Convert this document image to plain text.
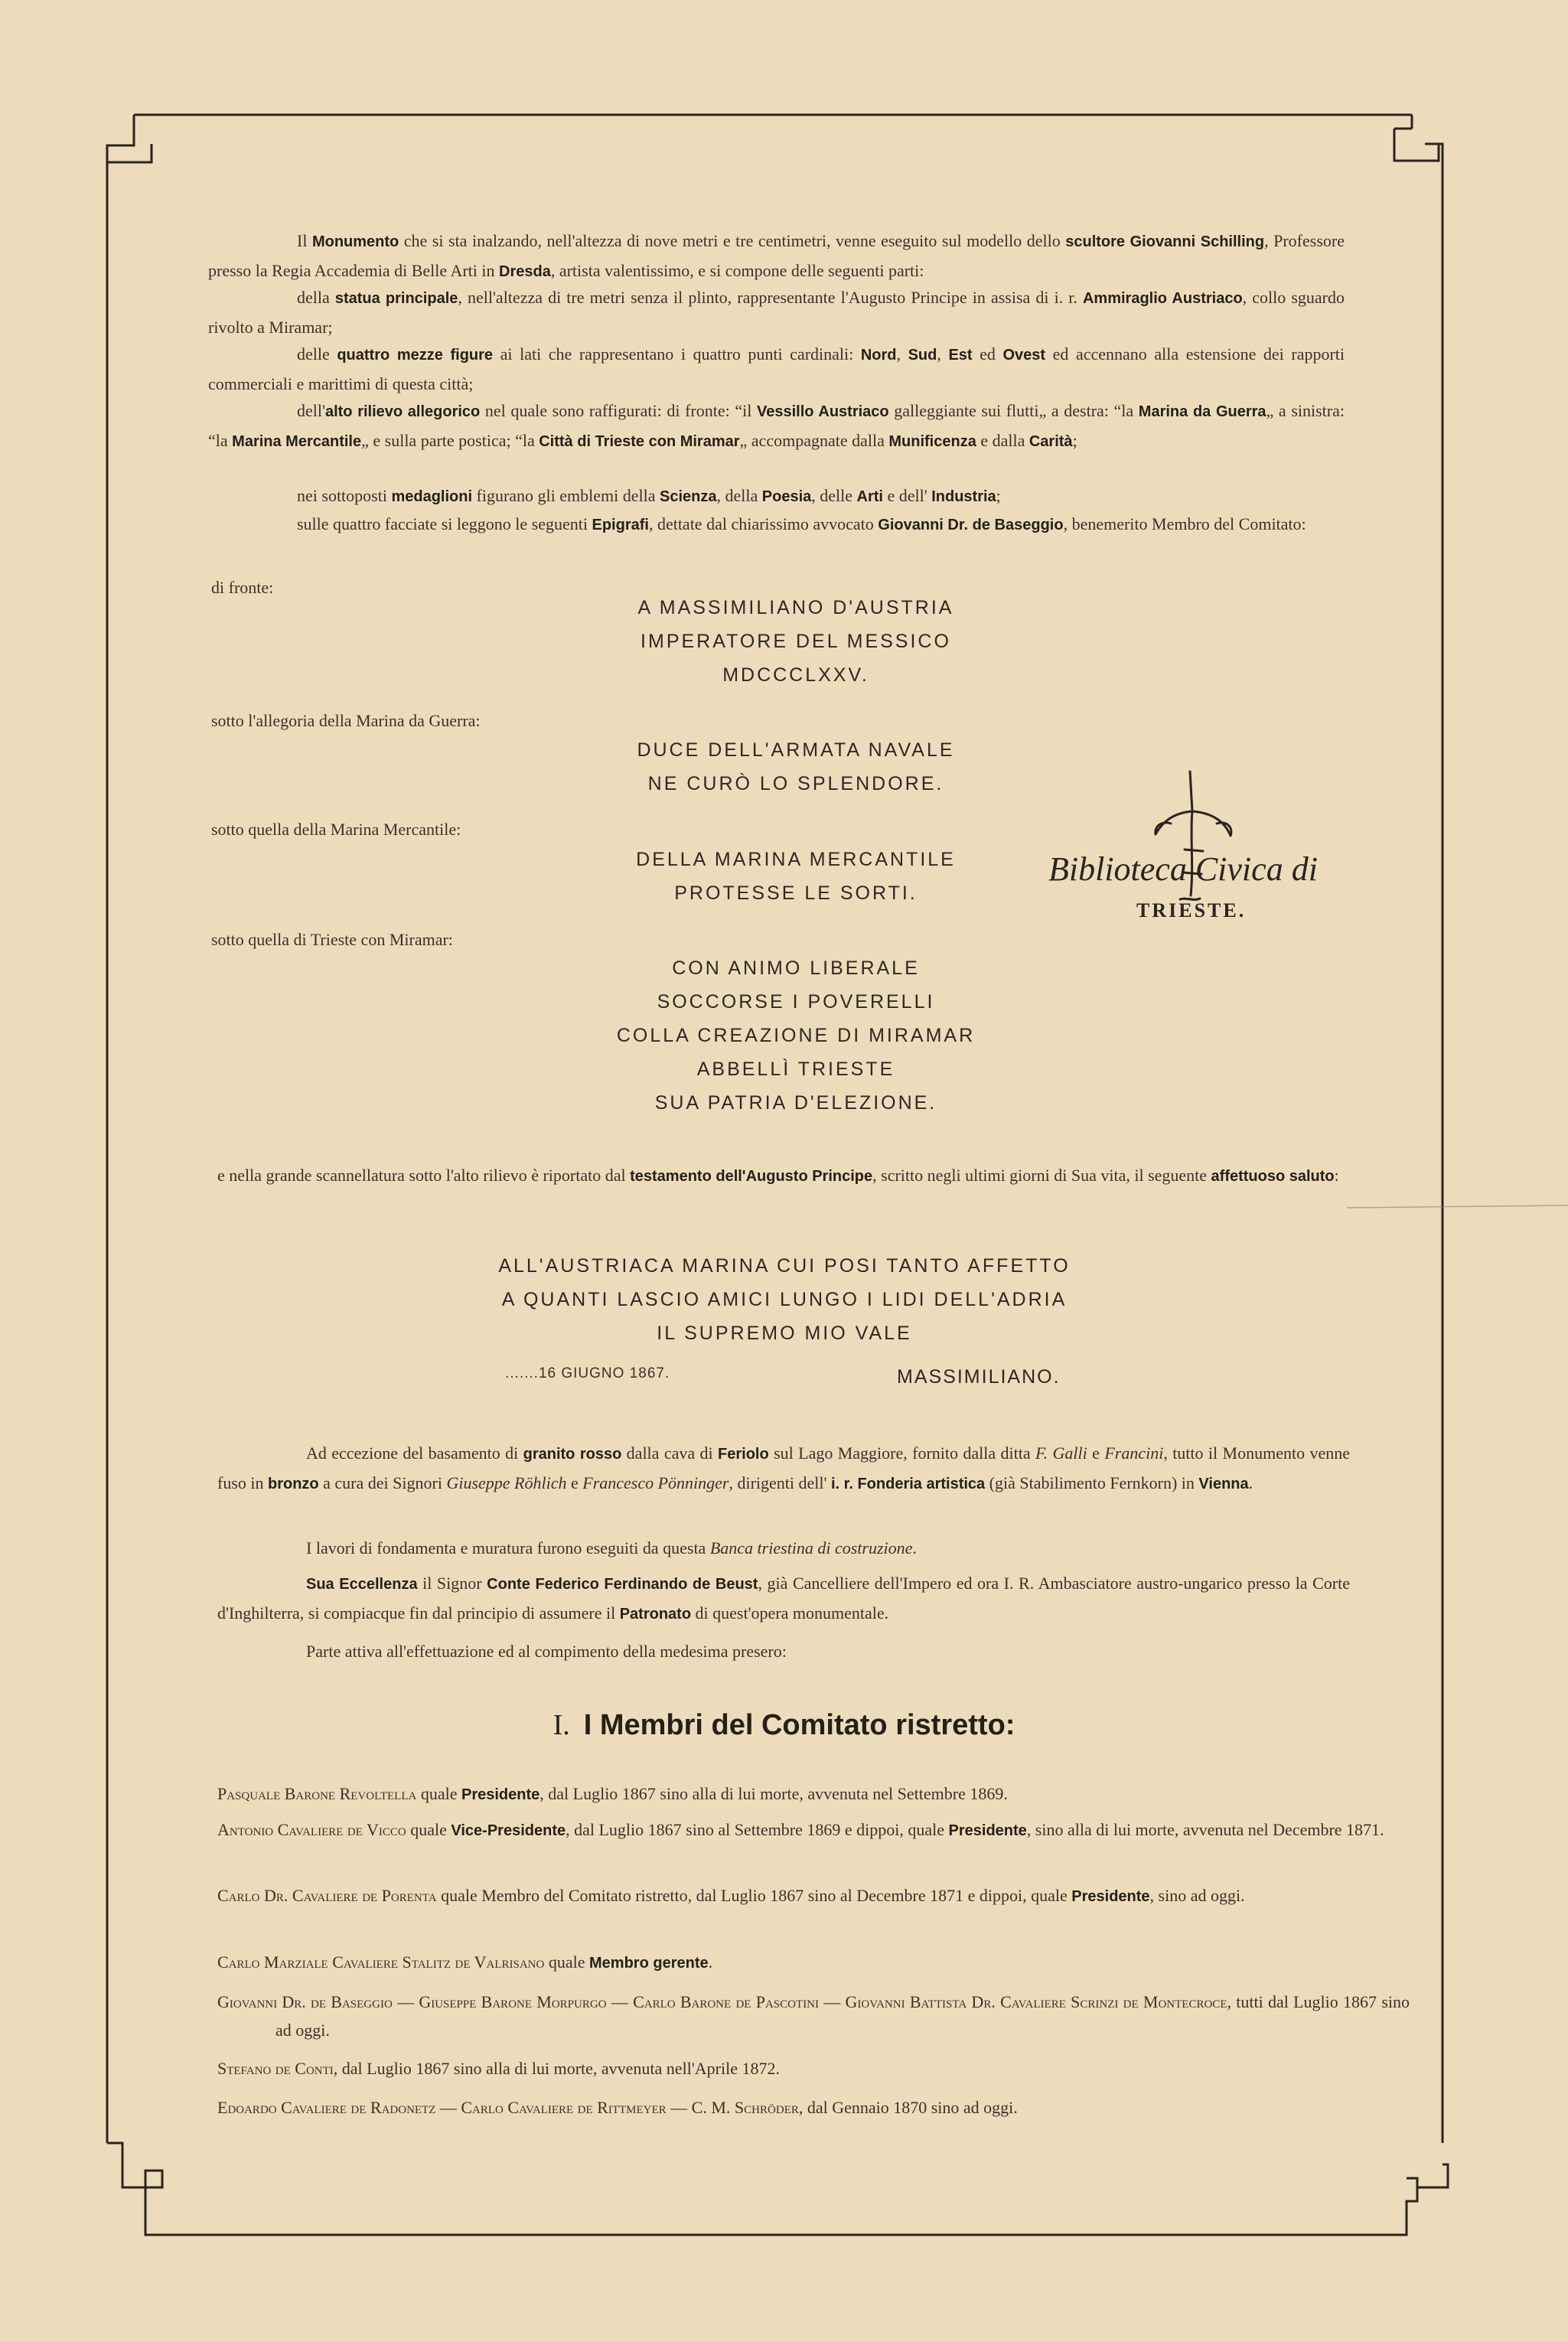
Il Monumento che si sta inalzando, nell'altezza di nove metri e tre centimetri, venne eseguito sul modello dello scultore Giovanni Schilling, Professore presso la Regia Accademia di Belle Arti in Dresda, artista valentissimo, e si compone delle seguenti parti:

della statua principale, nell'altezza di tre metri senza il plinto, rappresentante l'Augusto Principe in assisa di i. r. Ammiraglio Austriaco, collo sguardo rivolto a Miramar;

delle quattro mezze figure ai lati che rappresentano i quattro punti cardinali: Nord, Sud, Est ed Ovest ed accennano alla estensione dei rapporti commerciali e marittimi di questa città;

dell'alto rilievo allegorico nel quale sono raffigurati: di fronte: “il Vessillo Austriaco galleggiante sui flutti„ a destra: “la Marina da Guerra„ a sinistra: “la Marina Mercantile„ e sulla parte postica; “la Città di Trieste con Miramar„ accompagnate dalla Munificenza e dalla Carità;

nei sottoposti medaglioni figurano gli emblemi della Scienza, della Poesia, delle Arti e dell' Industria;

sulle quattro facciate si leggono le seguenti Epigrafi, dettate dal chiarissimo avvocato Giovanni Dr. de Baseggio, benemerito Membro del Comitato:

di fronte:
A MASSIMILIANO D'AUSTRIA
IMPERATORE DEL MESSICO
MDCCCLXXV.
sotto l'allegoria della Marina da Guerra:
DUCE DELL'ARMATA NAVALE
NE CURÒ LO SPLENDORE.
sotto quella della Marina Mercantile:
DELLA MARINA MERCANTILE
PROTESSE LE SORTI.
sotto quella di Trieste con Miramar:
CON ANIMO LIBERALE
SOCCORSE I POVERELLI
COLLA CREAZIONE DI MIRAMAR
ABBELLÌ TRIESTE
SUA PATRIA D'ELEZIONE.
Biblioteca Civica di
TRIESTE.

e nella grande scannellatura sotto l'alto rilievo è riportato dal testamento dell'Augusto Principe, scritto negli ultimi giorni di Sua vita, il seguente affettuoso saluto:

ALL'AUSTRIACA MARINA CUI POSI TANTO AFFETTO
A QUANTI LASCIO AMICI LUNGO I LIDI DELL'ADRIA
IL SUPREMO MIO VALE
.......16 GIUGNO 1867.	MASSIMILIANO.

Ad eccezione del basamento di granito rosso dalla cava di Feriolo sul Lago Maggiore, fornito dalla ditta F. Galli e Francini, tutto il Monumento venne fuso in bronzo a cura dei Signori Giuseppe Röhlich e Francesco Pönninger, dirigenti dell' i. r. Fonderia artistica (già Stabilimento Fernkorn) in Vienna.

I lavori di fondamenta e muratura furono eseguiti da questa Banca triestina di costruzione.

Sua Eccellenza il Signor Conte Federico Ferdinando de Beust, già Cancelliere dell'Impero ed ora I. R. Ambasciatore austro-ungarico presso la Corte d'Inghilterra, si compiacque fin dal principio di assumere il Patronato di quest'opera monumentale.

Parte attiva all'effettuazione ed al compimento della medesima presero:

I. I Membri del Comitato ristretto:
Pasquale Barone Revoltella quale Presidente, dal Luglio 1867 sino alla di lui morte, avvenuta nel Settembre 1869.
Antonio Cavaliere de Vicco quale Vice-Presidente, dal Luglio 1867 sino al Settembre 1869 e dippoi, quale Presidente, sino alla di lui morte, avvenuta nel Decembre 1871.
Carlo Dr. Cavaliere de Porenta quale Membro del Comitato ristretto, dal Luglio 1867 sino al Decembre 1871 e dippoi, quale Presidente, sino ad oggi.
Carlo Marziale Cavaliere Stalitz de Valrisano quale Membro gerente.
Giovanni Dr. de Baseggio — Giuseppe Barone Morpurgo — Carlo Barone de Pascotini — Giovanni Battista Dr. Cavaliere Scrinzi de Montecroce, tutti dal Luglio 1867 sino ad oggi.
Stefano de Conti, dal Luglio 1867 sino alla di lui morte, avvenuta nell'Aprile 1872.
Edoardo Cavaliere de Radonetz — Carlo Cavaliere de Rittmeyer — C. M. Schröder, dal Gennaio 1870 sino ad oggi.
